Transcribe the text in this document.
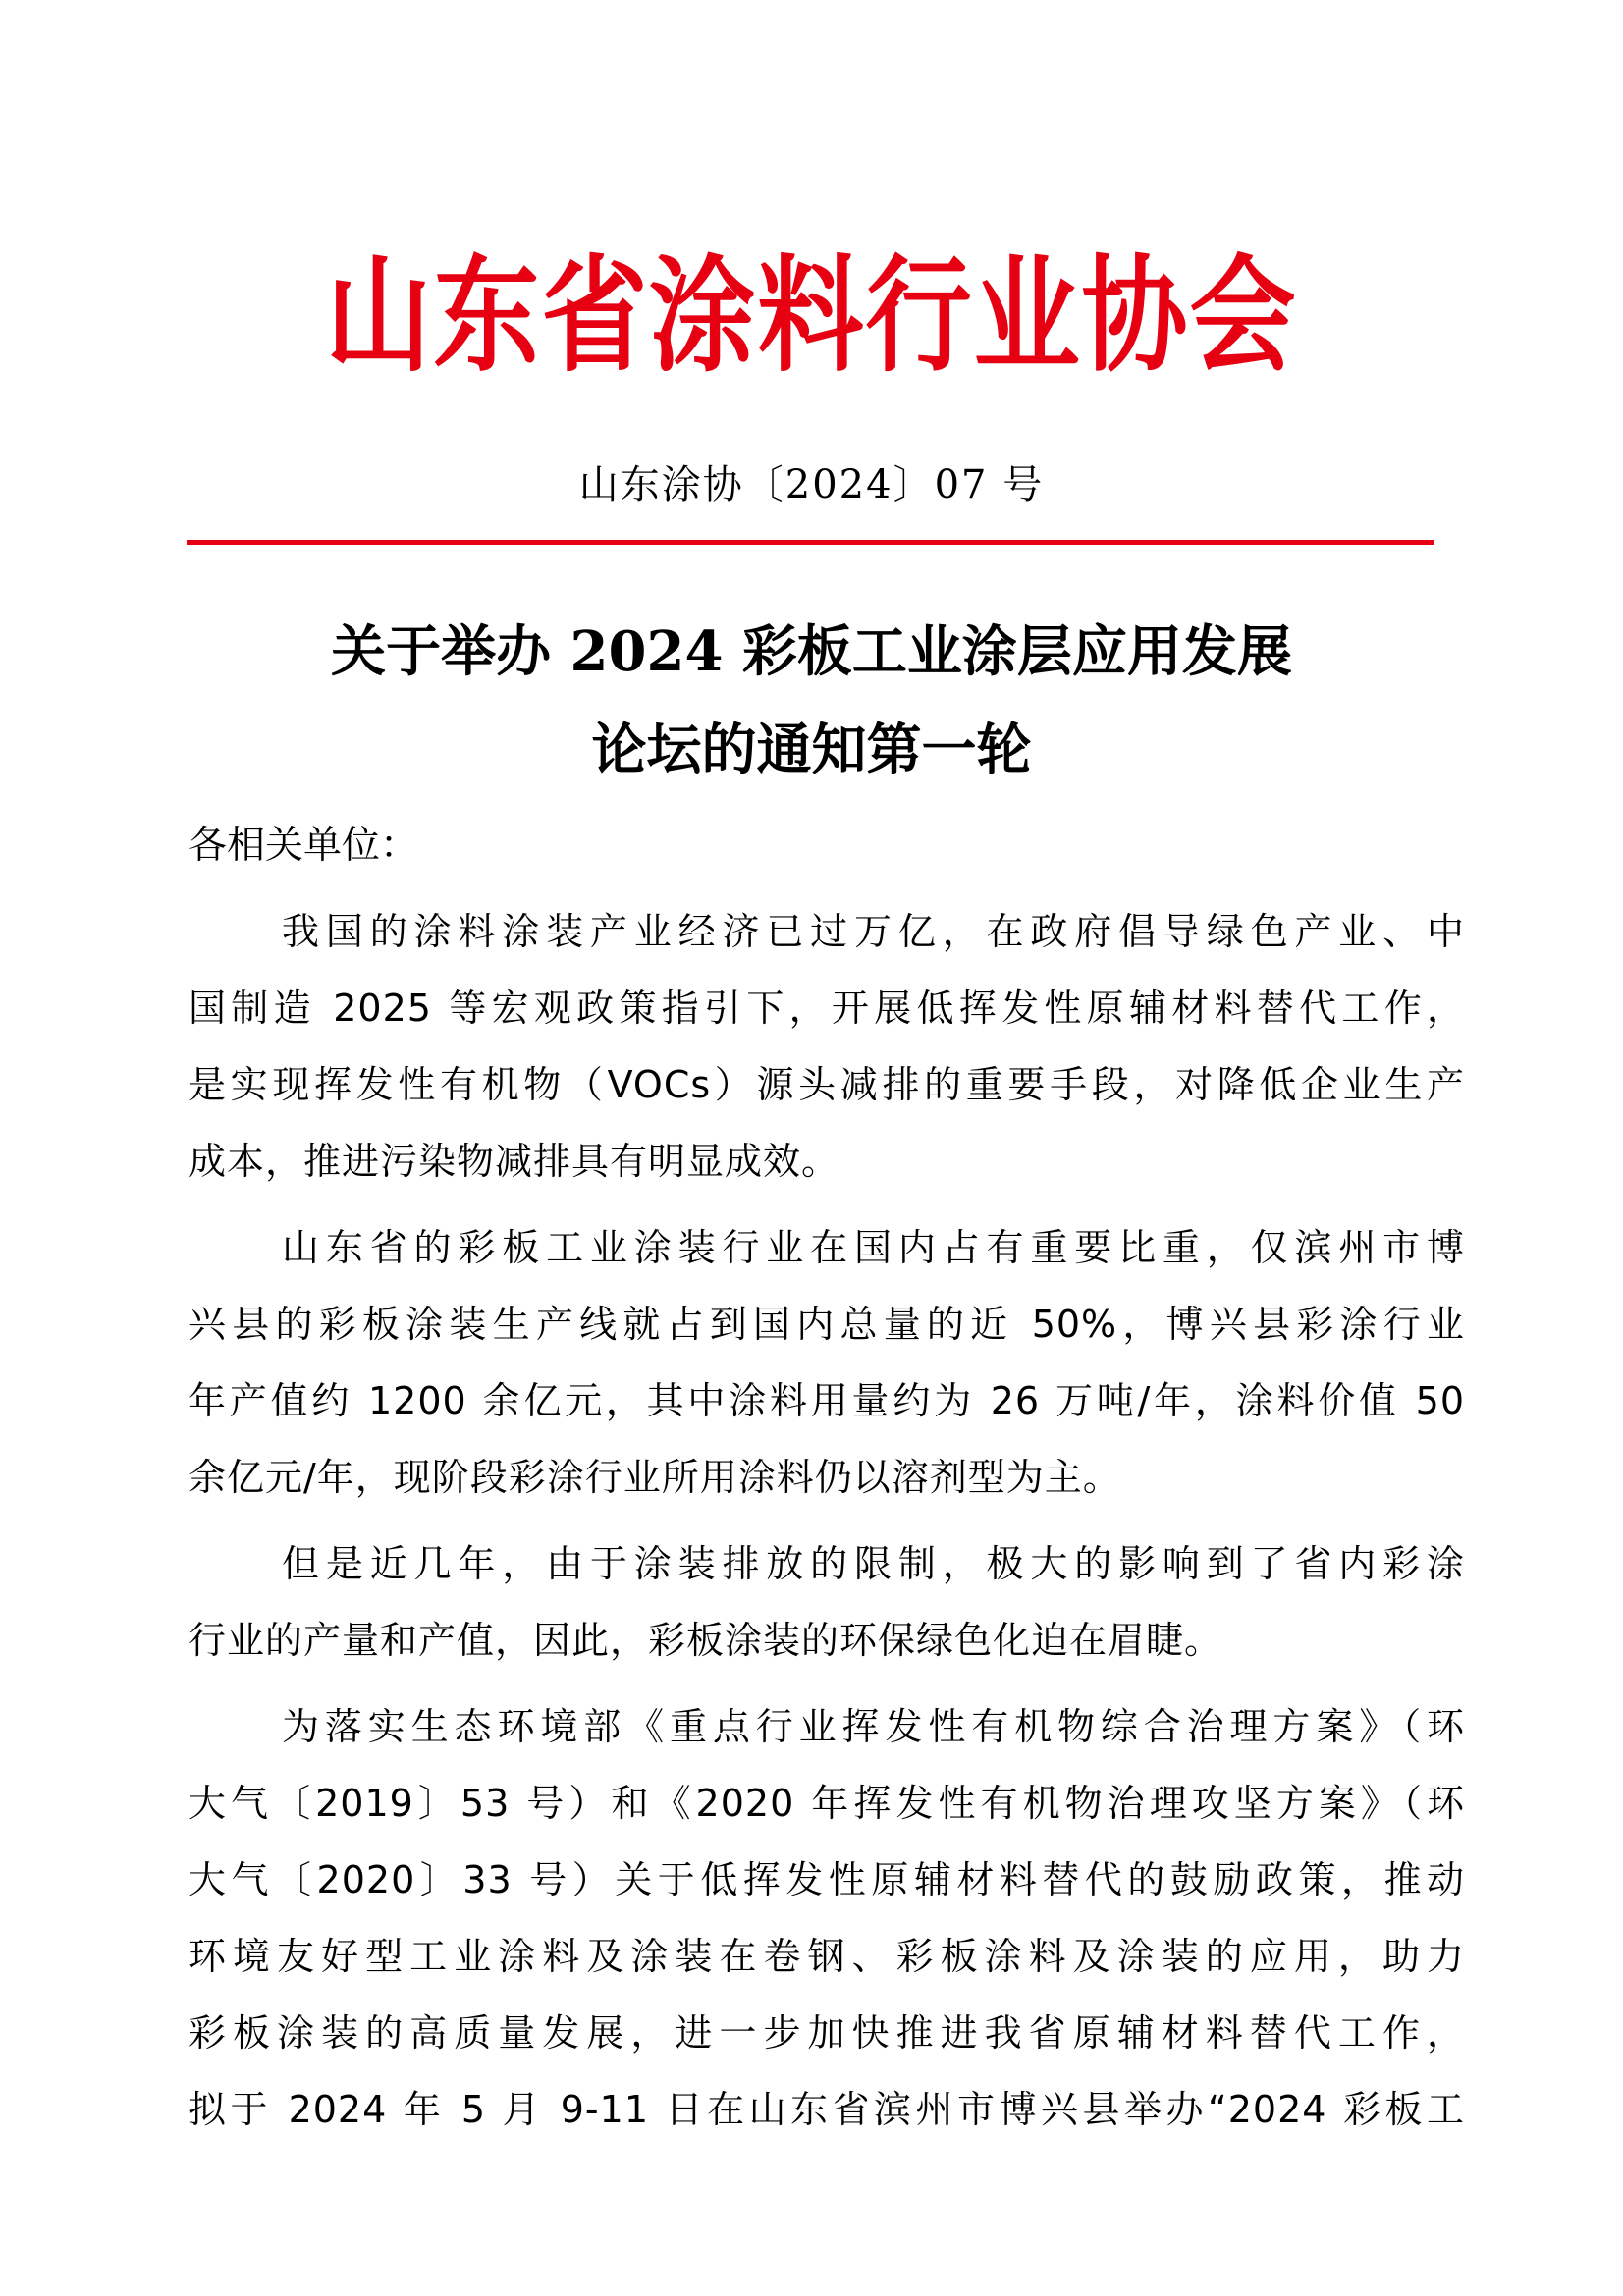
山东省涂料行业协会
山东涂协〔2024〕07 号
关于举办 2024 彩板工业涂层应用发展
论坛的通知第一轮
各相关单位：
我国的涂料涂装产业经济已过万亿，在政府倡导绿色产业、中
国制造 2025 等宏观政策指引下，开展低挥发性原辅材料替代工作，
是实现挥发性有机物（VOCs）源头减排的重要手段，对降低企业生产
成本，推进污染物减排具有明显成效。
山东省的彩板工业涂装行业在国内占有重要比重，仅滨州市博
兴县的彩板涂装生产线就占到国内总量的近 50%，博兴县彩涂行业
年产值约 1200 余亿元，其中涂料用量约为 26 万吨/年，涂料价值 50
余亿元/年，现阶段彩涂行业所用涂料仍以溶剂型为主。
但是近几年，由于涂装排放的限制，极大的影响到了省内彩涂
行业的产量和产值，因此，彩板涂装的环保绿色化迫在眉睫。
为落实生态环境部《重点行业挥发性有机物综合治理方案》（环
大气〔2019〕53 号）和《2020 年挥发性有机物治理攻坚方案》（环
大气〔2020〕33 号）关于低挥发性原辅材料替代的鼓励政策，推动
环境友好型工业涂料及涂装在卷钢、彩板涂料及涂装的应用，助力
彩板涂装的高质量发展，进一步加快推进我省原辅材料替代工作，
拟于 2024 年 5 月 9-11 日在山东省滨州市博兴县举办“2024 彩板工
